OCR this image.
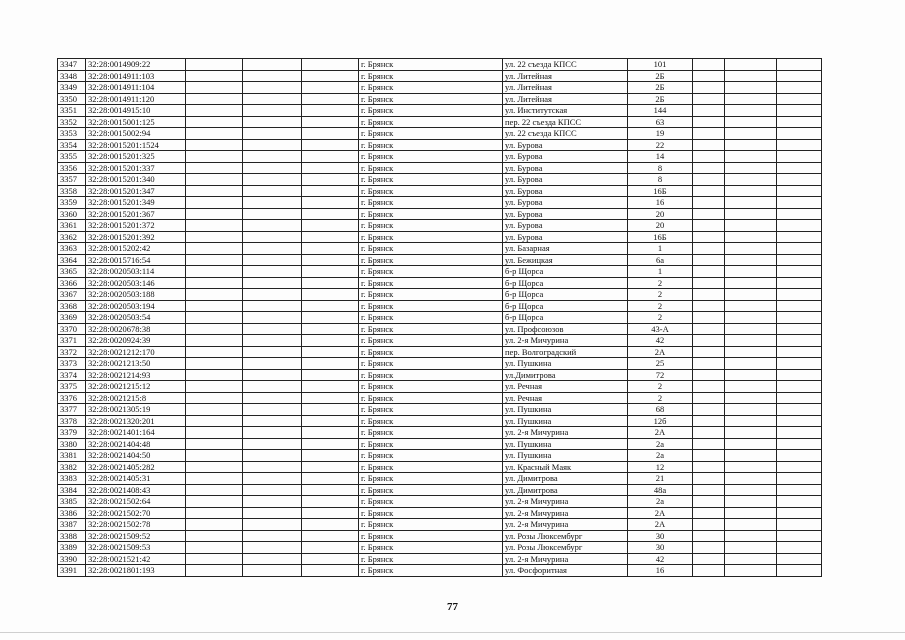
3347	32:28:0014909:22				г. Брянск	ул. 22 съезда КПСС	101			
3348	32:28:0014911:103				г. Брянск	ул. Литейная	2Б			
3349	32:28:0014911:104				г. Брянск	ул. Литейная	2Б			
3350	32:28:0014911:120				г. Брянск	ул. Литейная	2Б			
3351	32:28:0014915:10				г. Брянск	ул. Институтская	144			
3352	32:28:0015001:125				г. Брянск	пер. 22 съезда КПСС	63			
3353	32:28:0015002:94				г. Брянск	ул. 22 съезда КПСС	19			
3354	32:28:0015201:1524				г. Брянск	ул. Бурова	22			
3355	32:28:0015201:325				г. Брянск	ул. Бурова	14			
3356	32:28:0015201:337				г. Брянск	ул. Бурова	8			
3357	32:28:0015201:340				г. Брянск	ул. Бурова	8			
3358	32:28:0015201:347				г. Брянск	ул. Бурова	16Б			
3359	32:28:0015201:349				г. Брянск	ул. Бурова	16			
3360	32:28:0015201:367				г. Брянск	ул. Бурова	20			
3361	32:28:0015201:372				г. Брянск	ул. Бурова	20			
3362	32:28:0015201:392				г. Брянск	ул. Бурова	16Б			
3363	32:28:0015202:42				г. Брянск	ул. Базарная	1			
3364	32:28:0015716:54				г. Брянск	ул. Бежицкая	6а			
3365	32:28:0020503:114				г. Брянск	б-р Щорса	1			
3366	32:28:0020503:146				г. Брянск	б-р Щорса	2			
3367	32:28:0020503:188				г. Брянск	б-р Щорса	2			
3368	32:28:0020503:194				г. Брянск	б-р Щорса	2			
3369	32:28:0020503:54				г. Брянск	б-р Щорса	2			
3370	32:28:0020678:38				г. Брянск	ул. Профсоюзов	43-А			
3371	32:28:0020924:39				г. Брянск	ул. 2-я Мичурина	42			
3372	32:28:0021212:170				г. Брянск	пер. Волгоградский	2А			
3373	32:28:0021213:50				г. Брянск	ул. Пушкина	25			
3374	32:28:0021214:93				г. Брянск	ул.Димитрова	72			
3375	32:28:0021215:12				г. Брянск	ул. Речная	2			
3376	32:28:0021215:8				г. Брянск	ул. Речная	2			
3377	32:28:0021305:19				г. Брянск	ул. Пушкина	68			
3378	32:28:0021320:201				г. Брянск	ул. Пушкина	12б			
3379	32:28:0021401:164				г. Брянск	ул. 2-я Мичурина	2А			
3380	32:28:0021404:48				г. Брянск	ул. Пушкина	2а			
3381	32:28:0021404:50				г. Брянск	ул. Пушкина	2а			
3382	32:28:0021405:282				г. Брянск	ул. Красный Маяк	12			
3383	32:28:0021405:31				г. Брянск	ул. Димитрова	21			
3384	32:28:0021408:43				г. Брянск	ул. Димитрова	48а			
3385	32:28:0021502:64				г. Брянск	ул. 2-я Мичурина	2а			
3386	32:28:0021502:70				г. Брянск	ул. 2-я Мичурина	2А			
3387	32:28:0021502:78				г. Брянск	ул. 2-я Мичурина	2А			
3388	32:28:0021509:52				г. Брянск	ул. Розы Люксембург	30			
3389	32:28:0021509:53				г. Брянск	ул. Розы Люксембург	30			
3390	32:28:0021521:42				г. Брянск	ул. 2-я Мичурина	42			
3391	32:28:0021801:193				г. Брянск	ул. Фосфоритная	16			
77
